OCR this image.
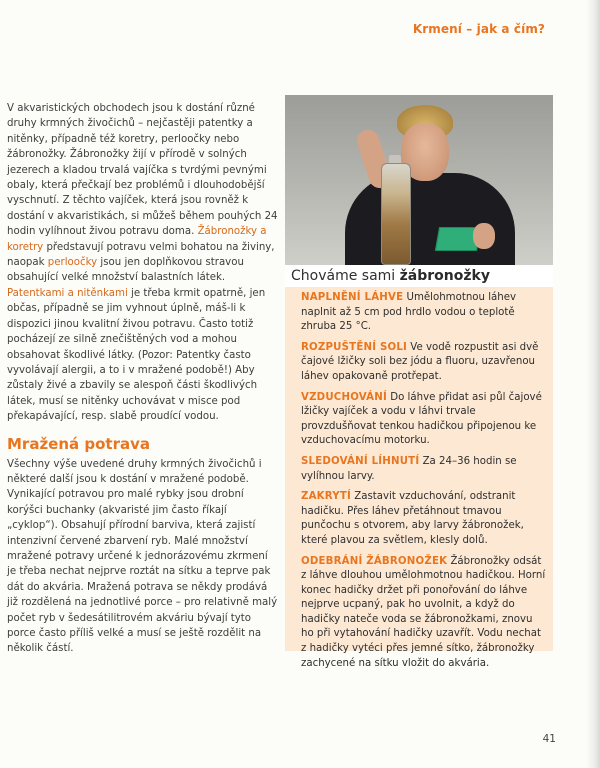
Krmení – jak a čím?

V akvaristických obchodech jsou k dostání různé druhy krmných živočichů – nejčastěji patentky a nitěnky, případně též koretry, perloočky nebo žábronožky. Žábronožky žijí v přírodě v solných jezerech a kladou trvalá vajíčka s tvrdými pevnými obaly, která přečkají bez problémů i dlouhodobější vyschnutí. Z těchto vajíček, která jsou rovněž k dostání v akvaristikách, si můžeš během pouhých 24 hodin vylíhnout živou potravu doma. Žábronožky a koretry představují potravu velmi bohatou na živiny, naopak perloočky jsou jen doplňkovou stravou obsahující velké množství balastních látek. Patentkami a nitěnkami je třeba krmit opatrně, jen občas, případně se jim vyhnout úplně, máš-li k dispozici jinou kvalitní živou potravu. Často totiž pocházejí ze silně znečištěných vod a mohou obsahovat škodlivé látky. (Pozor: Patentky často vyvolávají alergii, a to i v mražené podobě!) Aby zůstaly živé a zbavily se alespoň části škodlivých látek, musí se nitěnky uchovávat v misce pod překapávající, resp. slabě proudící vodou.

Mražená potrava

Všechny výše uvedené druhy krmných živočichů i některé další jsou k dostání v mražené podobě. Vynikající potravou pro malé rybky jsou drobní korýšci buchanky (akvaristé jim často říkají „cyklop“). Obsahují přírodní barviva, která zajistí intenzivní červené zbarvení ryb. Malé množství mražené potravy určené k jednorázovému zkrmení je třeba nechat nejprve roztát na sítku a teprve pak dát do akvária. Mražená potrava se někdy prodává již rozdělená na jednotlivé porce – pro relativně malý počet ryb v šedesátilitrovém akváriu bývají tyto porce často příliš velké a musí se ještě rozdělit na několik částí.

Chováme sami žábronožky

NAPLNĚNÍ LÁHVE Umělohmotnou láhev naplnit až 5 cm pod hrdlo vodou o teplotě zhruba 25 °C.

ROZPUŠTĚNÍ SOLI Ve vodě rozpustit asi dvě čajové lžičky soli bez jódu a fluoru, uzavřenou láhev opakovaně protřepat.

VZDUCHOVÁNÍ Do láhve přidat asi půl čajové lžičky vajíček a vodu v láhvi trvale provzdušňovat tenkou hadičkou připojenou ke vzduchovacímu motorku.

SLEDOVÁNÍ LÍHNUTÍ Za 24–36 hodin se vylíhnou larvy.

ZAKRYTÍ Zastavit vzduchování, odstranit hadičku. Přes láhev přetáhnout tmavou punčochu s otvorem, aby larvy žábronožek, které plavou za světlem, klesly dolů.

ODEBRÁNÍ ŽÁBRONOŽEK Žábronožky odsát z láhve dlouhou umělohmotnou hadičkou. Horní konec hadičky držet při ponořování do láhve nejprve ucpaný, pak ho uvolnit, a když do hadičky nateče voda se žábronožkami, znovu ho při vytahování hadičky uzavřít. Vodu nechat z hadičky vytéci přes jemné sítko, žábronožky zachycené na sítku vložit do akvária.

41
